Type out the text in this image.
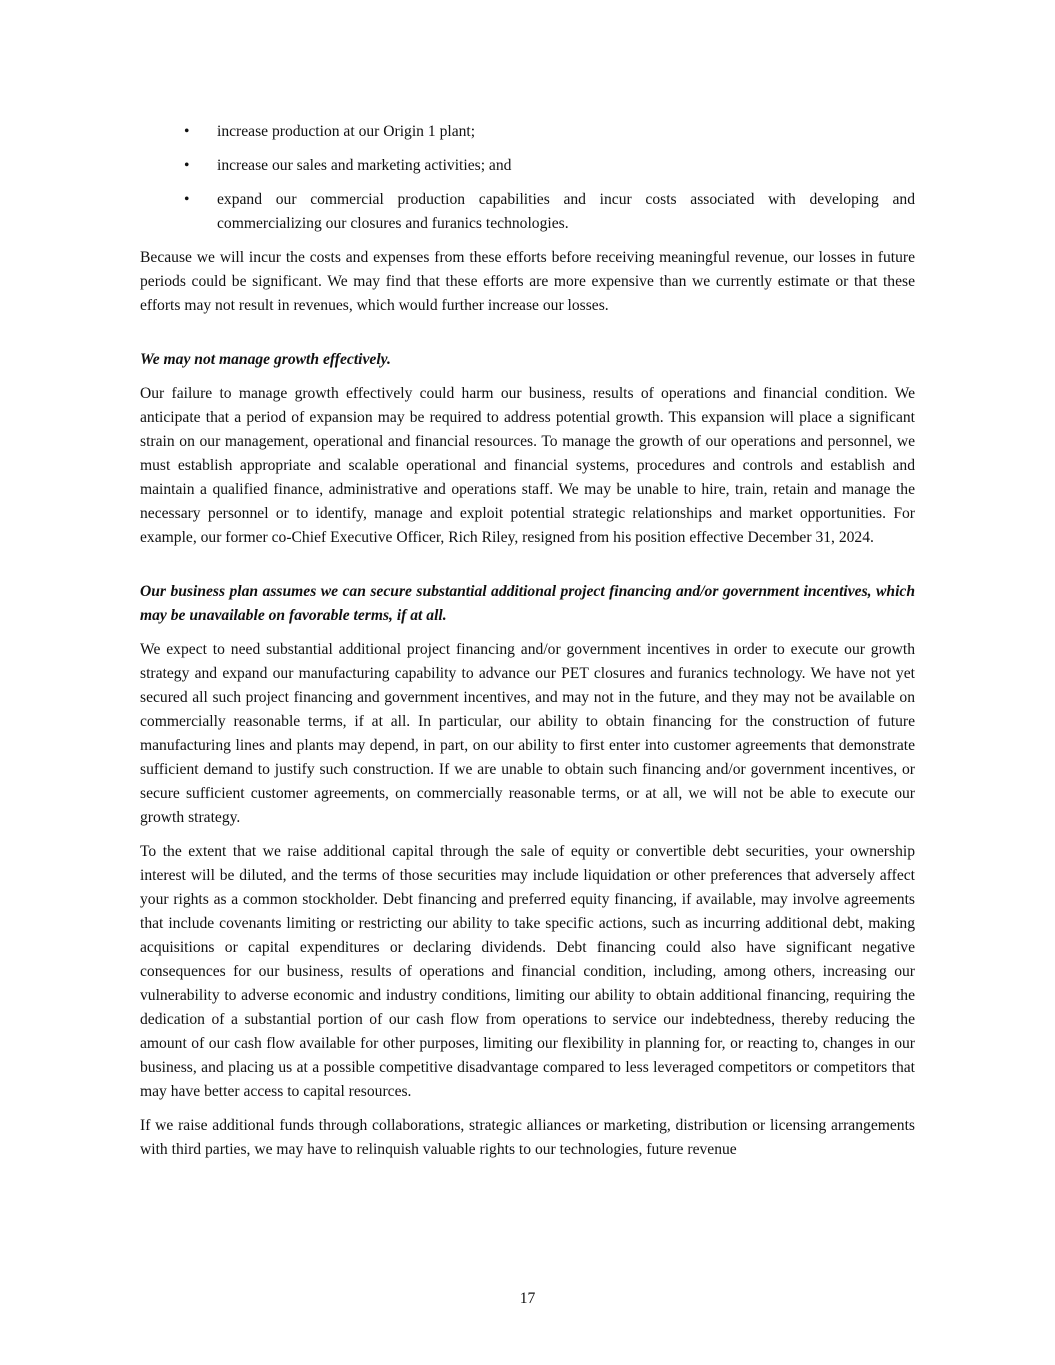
• increase production at our Origin 1 plant;
• increase our sales and marketing activities; and
• expand our commercial production capabilities and incur costs associated with developing and commercializing our closures and furanics technologies.

Because we will incur the costs and expenses from these efforts before receiving meaningful revenue, our losses in future periods could be significant. We may find that these efforts are more expensive than we currently estimate or that these efforts may not result in revenues, which would further increase our losses.

We may not manage growth effectively.

Our failure to manage growth effectively could harm our business, results of operations and financial condition. We anticipate that a period of expansion may be required to address potential growth. This expansion will place a significant strain on our management, operational and financial resources. To manage the growth of our operations and personnel, we must establish appropriate and scalable operational and financial systems, procedures and controls and establish and maintain a qualified finance, administrative and operations staff. We may be unable to hire, train, retain and manage the necessary personnel or to identify, manage and exploit potential strategic relationships and market opportunities. For example, our former co-Chief Executive Officer, Rich Riley, resigned from his position effective December 31, 2024.

Our business plan assumes we can secure substantial additional project financing and/or government incentives, which may be unavailable on favorable terms, if at all.

We expect to need substantial additional project financing and/or government incentives in order to execute our growth strategy and expand our manufacturing capability to advance our PET closures and furanics technology. We have not yet secured all such project financing and government incentives, and may not in the future, and they may not be available on commercially reasonable terms, if at all. In particular, our ability to obtain financing for the construction of future manufacturing lines and plants may depend, in part, on our ability to first enter into customer agreements that demonstrate sufficient demand to justify such construction. If we are unable to obtain such financing and/or government incentives, or secure sufficient customer agreements, on commercially reasonable terms, or at all, we will not be able to execute our growth strategy.

To the extent that we raise additional capital through the sale of equity or convertible debt securities, your ownership interest will be diluted, and the terms of those securities may include liquidation or other preferences that adversely affect your rights as a common stockholder. Debt financing and preferred equity financing, if available, may involve agreements that include covenants limiting or restricting our ability to take specific actions, such as incurring additional debt, making acquisitions or capital expenditures or declaring dividends. Debt financing could also have significant negative consequences for our business, results of operations and financial condition, including, among others, increasing our vulnerability to adverse economic and industry conditions, limiting our ability to obtain additional financing, requiring the dedication of a substantial portion of our cash flow from operations to service our indebtedness, thereby reducing the amount of our cash flow available for other purposes, limiting our flexibility in planning for, or reacting to, changes in our business, and placing us at a possible competitive disadvantage compared to less leveraged competitors or competitors that may have better access to capital resources.

If we raise additional funds through collaborations, strategic alliances or marketing, distribution or licensing arrangements with third parties, we may have to relinquish valuable rights to our technologies, future revenue

17
